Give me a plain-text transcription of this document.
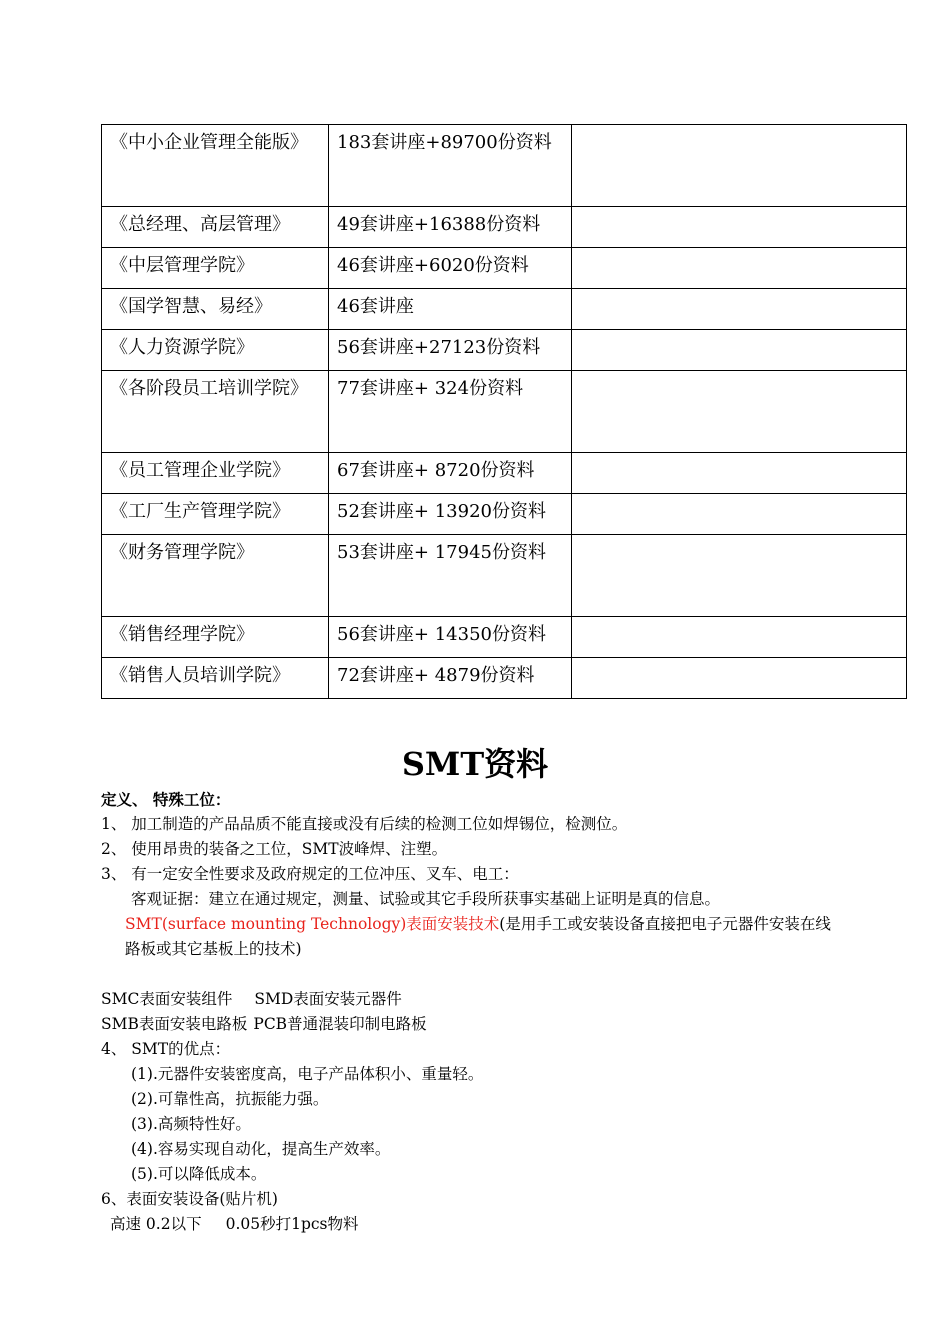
《中小企业管理全能版》	183套讲座+89700份资料	

《总经理、高层管理》	49套讲座+16388份资料	

《中层管理学院》	46套讲座+6020份资料	

《国学智慧、易经》	46套讲座	

《人力资源学院》	56套讲座+27123份资料	

《各阶段员工培训学院》	77套讲座+ 324份资料	

《员工管理企业学院》	67套讲座+ 8720份资料	

《工厂生产管理学院》	52套讲座+ 13920份资料	

《财务管理学院》	53套讲座+ 17945份资料	

《销售经理学院》	56套讲座+ 14350份资料	

《销售人员培训学院》	72套讲座+ 4879份资料	

SMT资料

定义、 特殊工位：

1、 加工制造的产品品质不能直接或没有后续的检测工位如焊锡位，检测位。

2、 使用昂贵的装备之工位，SMT波峰焊、注塑。

3、 有一定安全性要求及政府规定的工位冲压、叉车、电工：

客观证据：建立在通过规定，测量、试验或其它手段所获事实基础上证明是真的信息。

SMT(surface mounting Technology)表面安装技术(是用手工或安装设备直接把电子元器件安装在线路板或其它基板上的技术)

SMC表面安装组件 SMD表面安装元器件

SMB表面安装电路板 PCB普通混装印制电路板

4、 SMT的优点：

(1).元器件安装密度高，电子产品体积小、重量轻。

(2).可靠性高，抗振能力强。

(3).高频特性好。

(4).容易实现自动化，提高生产效率。

(5).可以降低成本。

6、表面安装设备(贴片机)

高速 0.2以下 0.05秒打1pcs物料
